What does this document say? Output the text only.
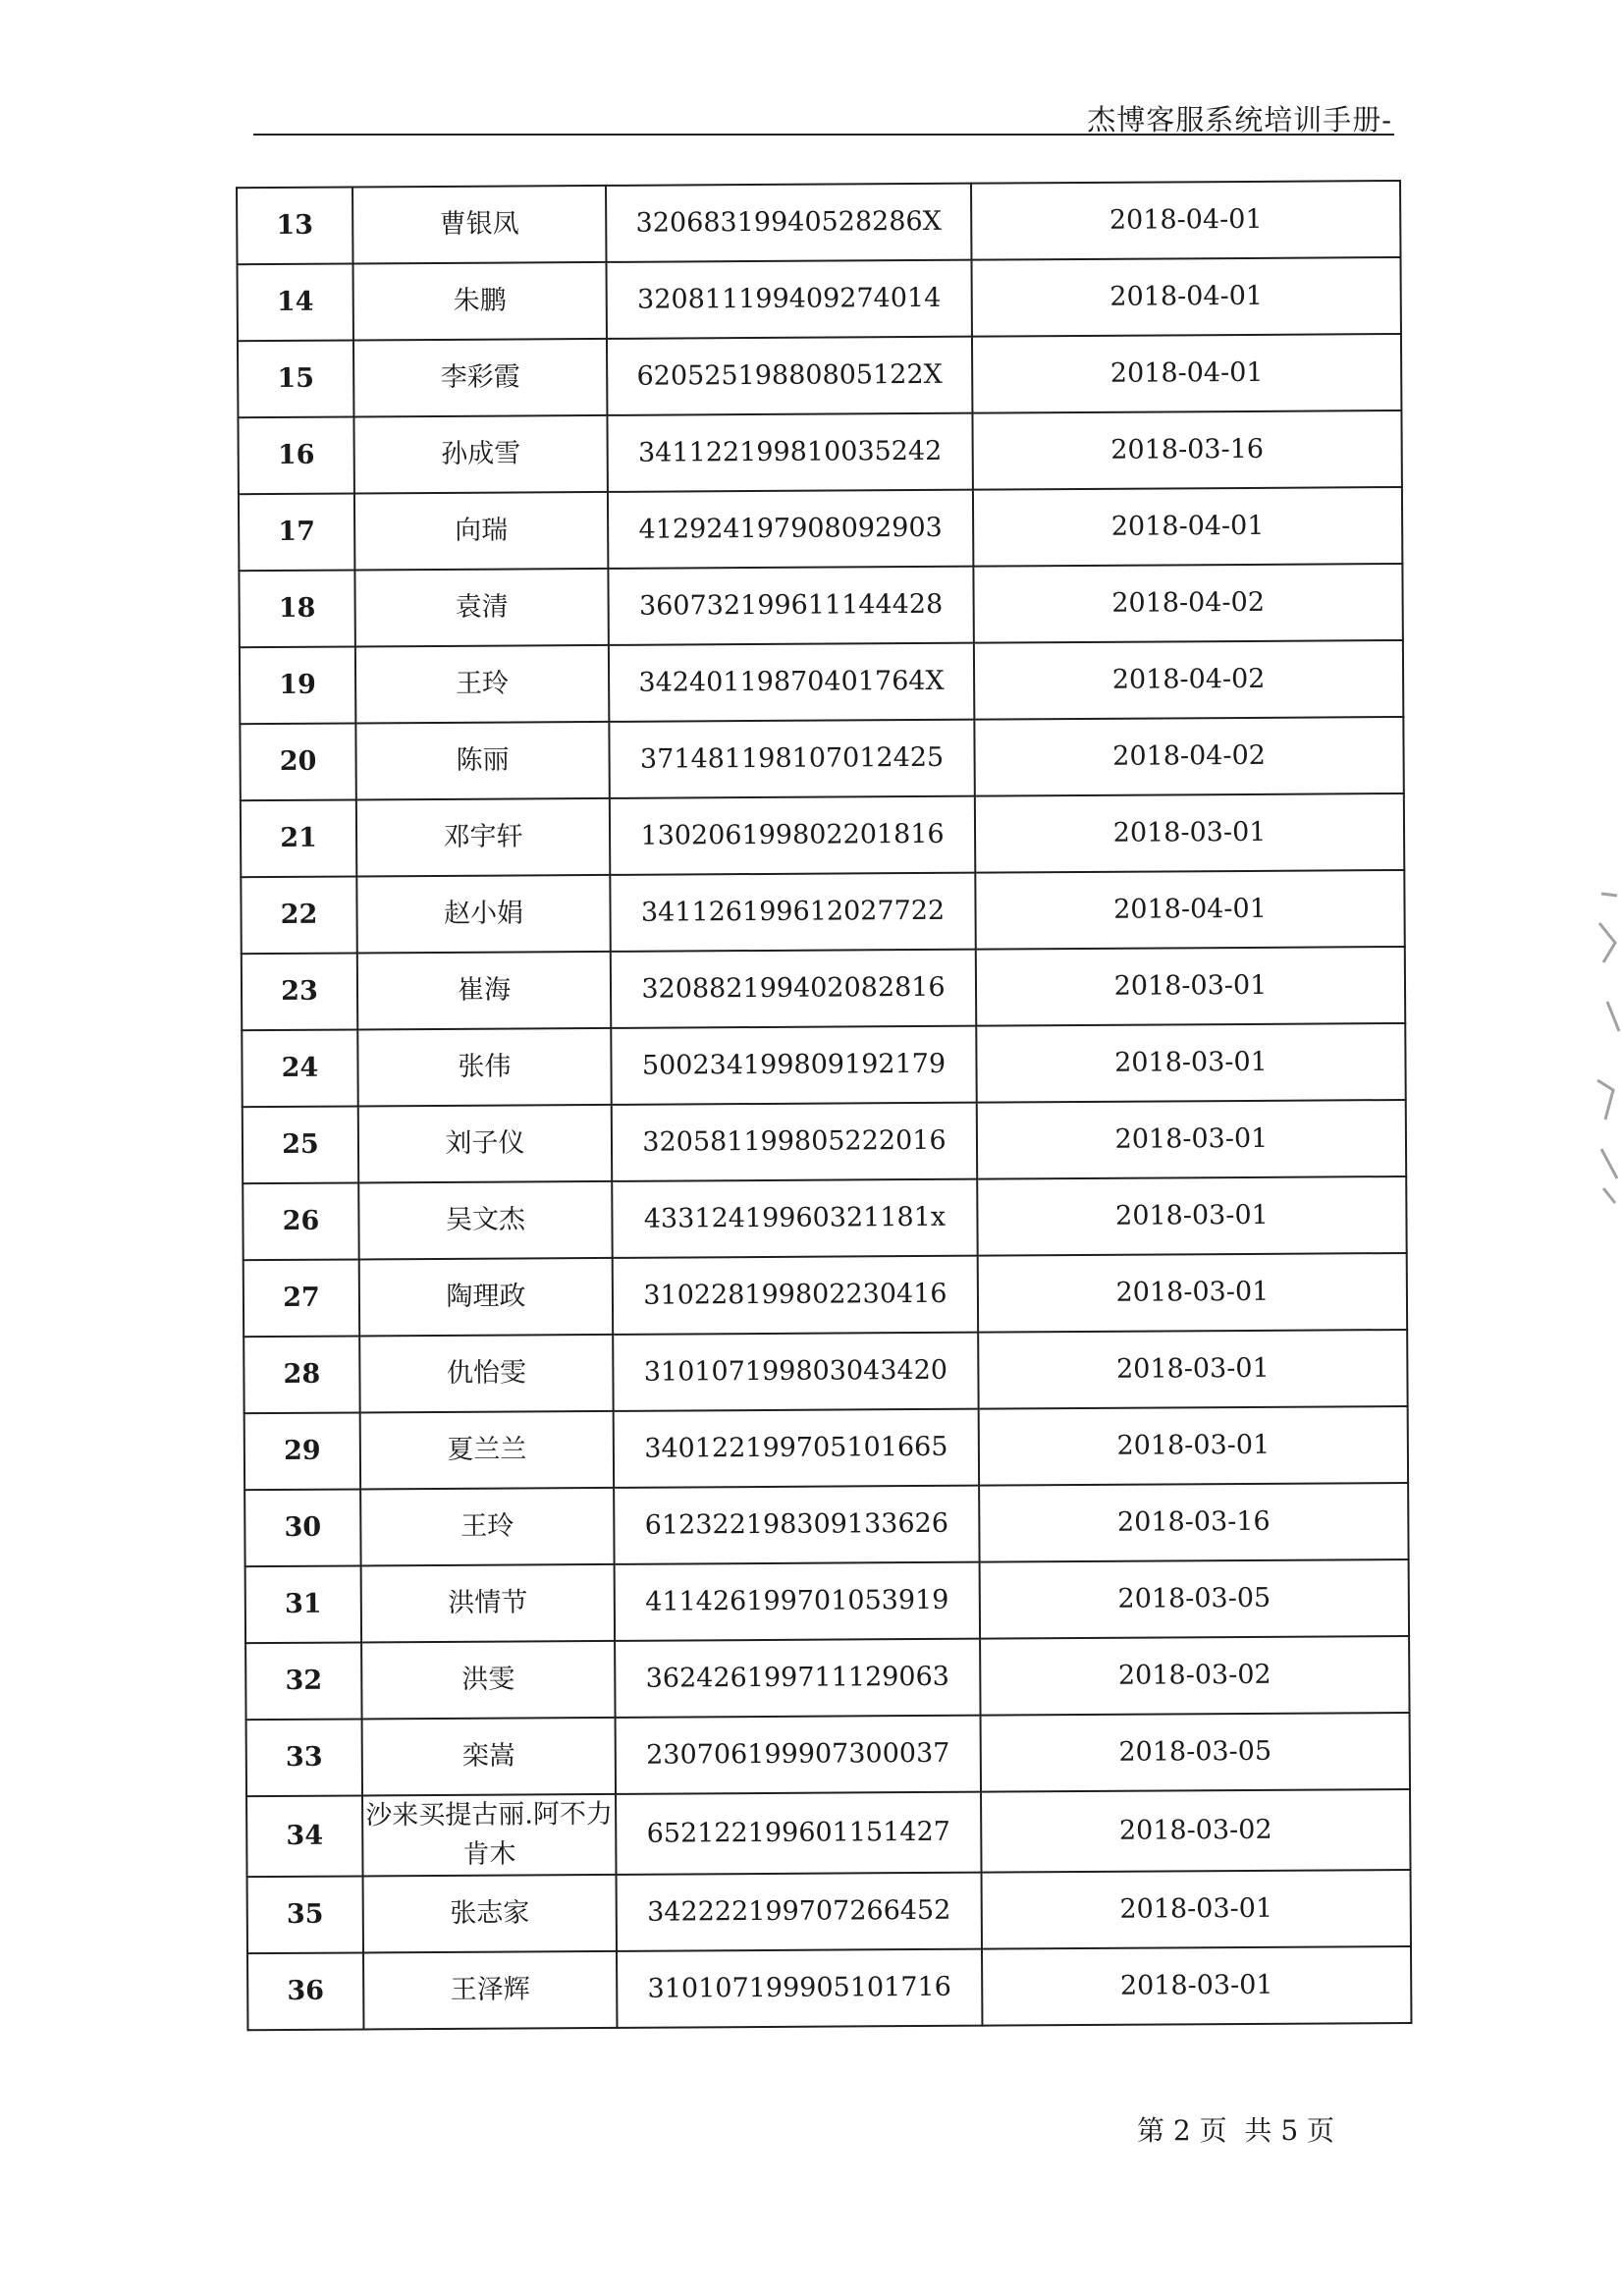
杰博客服系统培训手册-
13	曹银凤	32068319940528286X	2018-04-01
14	朱鹏	320811199409274014	2018-04-01
15	李彩霞	62052519880805122X	2018-04-01
16	孙成雪	341122199810035242	2018-03-16
17	向瑞	412924197908092903	2018-04-01
18	袁清	360732199611144428	2018-04-02
19	王玲	34240119870401764X	2018-04-02
20	陈丽	371481198107012425	2018-04-02
21	邓宇轩	130206199802201816	2018-03-01
22	赵小娟	341126199612027722	2018-04-01
23	崔海	320882199402082816	2018-03-01
24	张伟	500234199809192179	2018-03-01
25	刘子仪	320581199805222016	2018-03-01
26	吴文杰	43312419960321181x	2018-03-01
27	陶理政	310228199802230416	2018-03-01
28	仇怡雯	310107199803043420	2018-03-01
29	夏兰兰	340122199705101665	2018-03-01
30	王玲	612322198309133626	2018-03-16
31	洪情节	411426199701053919	2018-03-05
32	洪雯	362426199711129063	2018-03-02
33	栾嵩	230706199907300037	2018-03-05
34	沙来买提古丽.阿不力肯木	652122199601151427	2018-03-02
35	张志家	342222199707266452	2018-03-01
36	王泽辉	310107199905101716	2018-03-01
第 2 页  共 5 页
